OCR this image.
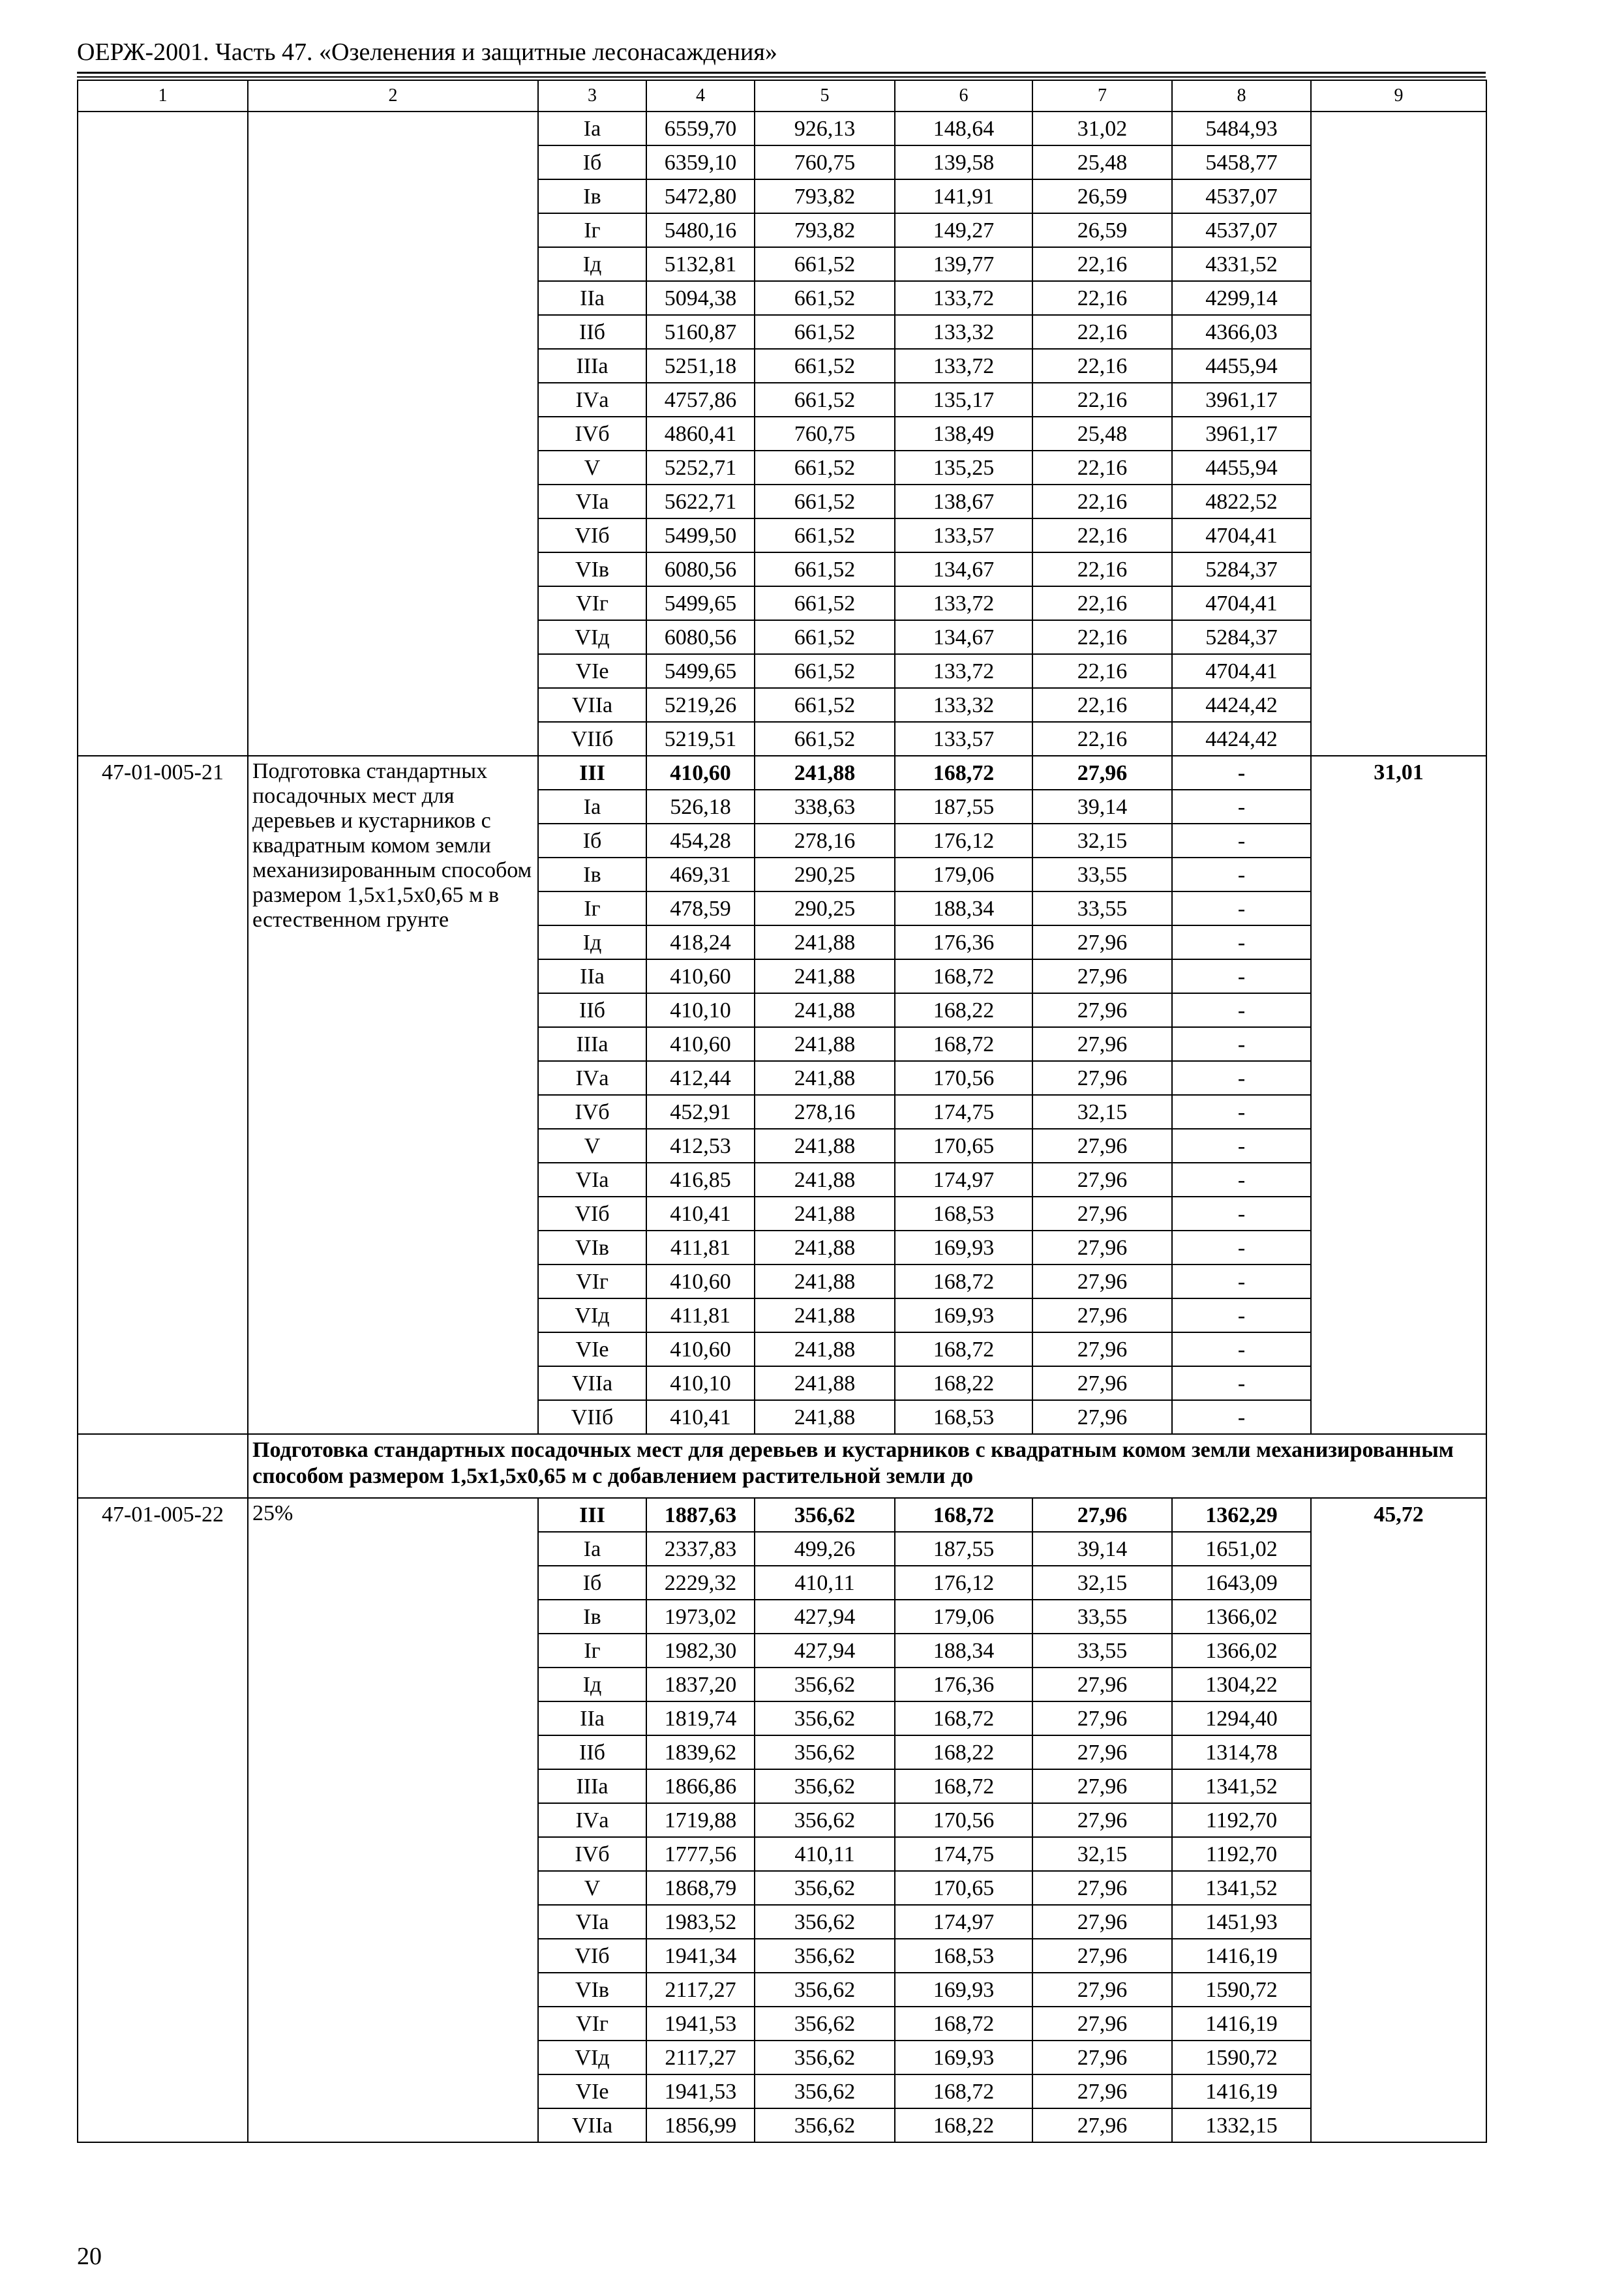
ОЕРЖ-2001. Часть 47. «Озеленения и защитные лесонасаждения»
1	2	3	4	5	6	7	8	9
		Iа	6559,70	926,13	148,64	31,02	5484,93	
		Iб	6359,10	760,75	139,58	25,48	5458,77	
		Iв	5472,80	793,82	141,91	26,59	4537,07	
		Iг	5480,16	793,82	149,27	26,59	4537,07	
		Iд	5132,81	661,52	139,77	22,16	4331,52	
		IIа	5094,38	661,52	133,72	22,16	4299,14	
		IIб	5160,87	661,52	133,32	22,16	4366,03	
		IIIа	5251,18	661,52	133,72	22,16	4455,94	
		IVа	4757,86	661,52	135,17	22,16	3961,17	
		IVб	4860,41	760,75	138,49	25,48	3961,17	
		V	5252,71	661,52	135,25	22,16	4455,94	
		VIа	5622,71	661,52	138,67	22,16	4822,52	
		VIб	5499,50	661,52	133,57	22,16	4704,41	
		VIв	6080,56	661,52	134,67	22,16	5284,37	
		VIг	5499,65	661,52	133,72	22,16	4704,41	
		VIд	6080,56	661,52	134,67	22,16	5284,37	
		VIе	5499,65	661,52	133,72	22,16	4704,41	
		VIIа	5219,26	661,52	133,32	22,16	4424,42	
		VIIб	5219,51	661,52	133,57	22,16	4424,42	
47-01-005-21	Подготовка стандартных посадочных мест для деревьев и кустарников с квадратным комом земли механизированным способом размером 1,5х1,5х0,65 м в естественном грунте	III	410,60	241,88	168,72	27,96	-	31,01
		Iа	526,18	338,63	187,55	39,14	-	
		Iб	454,28	278,16	176,12	32,15	-	
		Iв	469,31	290,25	179,06	33,55	-	
		Iг	478,59	290,25	188,34	33,55	-	
		Iд	418,24	241,88	176,36	27,96	-	
		IIа	410,60	241,88	168,72	27,96	-	
		IIб	410,10	241,88	168,22	27,96	-	
		IIIа	410,60	241,88	168,72	27,96	-	
		IVа	412,44	241,88	170,56	27,96	-	
		IVб	452,91	278,16	174,75	32,15	-	
		V	412,53	241,88	170,65	27,96	-	
		VIа	416,85	241,88	174,97	27,96	-	
		VIб	410,41	241,88	168,53	27,96	-	
		VIв	411,81	241,88	169,93	27,96	-	
		VIг	410,60	241,88	168,72	27,96	-	
		VIд	411,81	241,88	169,93	27,96	-	
		VIе	410,60	241,88	168,72	27,96	-	
		VIIа	410,10	241,88	168,22	27,96	-	
		VIIб	410,41	241,88	168,53	27,96	-	
	Подготовка стандартных посадочных мест для деревьев и кустарников с квадратным комом земли механизированным способом размером 1,5х1,5х0,65 м с добавлением растительной земли до							
47-01-005-22	25%	III	1887,63	356,62	168,72	27,96	1362,29	45,72
		Iа	2337,83	499,26	187,55	39,14	1651,02	
		Iб	2229,32	410,11	176,12	32,15	1643,09	
		Iв	1973,02	427,94	179,06	33,55	1366,02	
		Iг	1982,30	427,94	188,34	33,55	1366,02	
		Iд	1837,20	356,62	176,36	27,96	1304,22	
		IIа	1819,74	356,62	168,72	27,96	1294,40	
		IIб	1839,62	356,62	168,22	27,96	1314,78	
		IIIа	1866,86	356,62	168,72	27,96	1341,52	
		IVа	1719,88	356,62	170,56	27,96	1192,70	
		IVб	1777,56	410,11	174,75	32,15	1192,70	
		V	1868,79	356,62	170,65	27,96	1341,52	
		VIа	1983,52	356,62	174,97	27,96	1451,93	
		VIб	1941,34	356,62	168,53	27,96	1416,19	
		VIв	2117,27	356,62	169,93	27,96	1590,72	
		VIг	1941,53	356,62	168,72	27,96	1416,19	
		VIд	2117,27	356,62	169,93	27,96	1590,72	
		VIе	1941,53	356,62	168,72	27,96	1416,19	
		VIIа	1856,99	356,62	168,22	27,96	1332,15	
20
